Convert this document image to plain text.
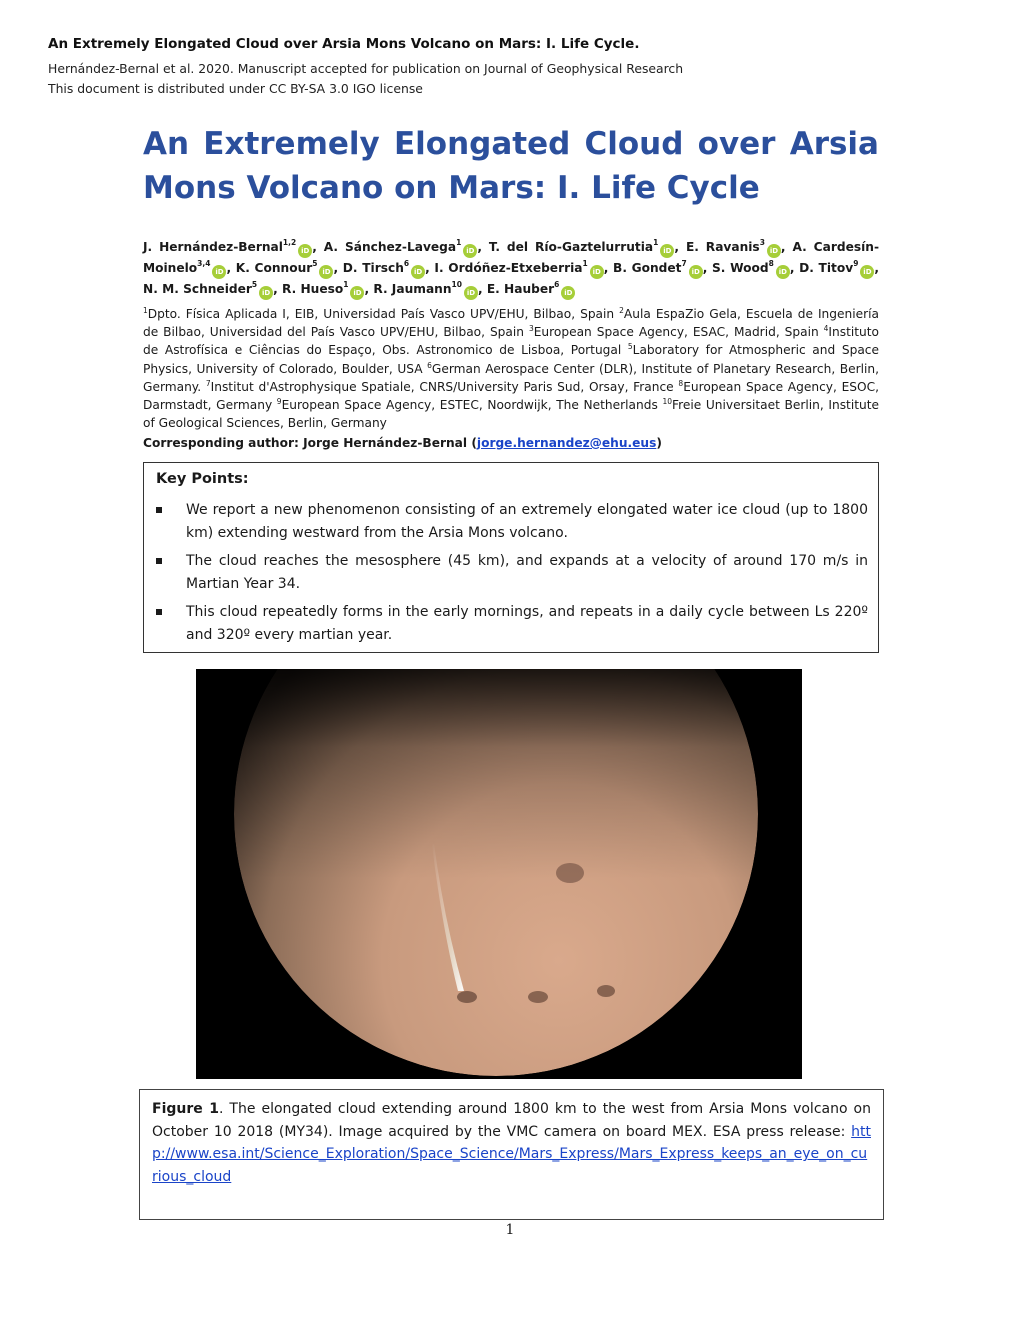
An Extremely Elongated Cloud over Arsia Mons Volcano on Mars: I. Life Cycle.
Hernández-Bernal et al. 2020. Manuscript accepted for publication on Journal of Geophysical Research
This document is distributed under CC BY-SA 3.0 IGO license
An Extremely Elongated Cloud over Arsia
Mons Volcano on Mars: I. Life Cycle
J. Hernández-Bernal$^{1,2}$iD , A. Sánchez-Lavega$^1$iD , T. del Río-Gaztelurrutia$^1$iD , E. Ravanis$^3$iD , A. Cardesín-Moinelo$^{3,4}$iD , K. Connour$^5$iD , D. Tirsch$^6$iD , I. Ordóñez-Etxeberria$^1$iD , B. Gondet$^7$iD , S. Wood$^8$iD , D. Titov$^9$iD , N. M. Schneider$^5$iD , R. Hueso$^1$iD , R. Jaumann$^{10}$iD , E. Hauber$^6$iD
$^1$Dpto. Física Aplicada I, EIB, Universidad País Vasco UPV/EHU, Bilbao, Spain $^2$Aula EspaZio Gela, Escuela de Ingeniería de Bilbao, Universidad del País Vasco UPV/EHU, Bilbao, Spain $^3$European Space Agency, ESAC, Madrid, Spain $^4$Instituto de Astrofísica e Ciências do Espaço, Obs. Astronomico de Lisboa, Portugal $^5$Laboratory for Atmospheric and Space Physics, University of Colorado, Boulder, USA $^6$German Aerospace Center (DLR), Institute of Planetary Research, Berlin, Germany. $^7$Institut d'Astrophysique Spatiale, CNRS/University Paris Sud, Orsay, France $^8$European Space Agency, ESOC, Darmstadt, Germany $^9$European Space Agency, ESTEC, Noordwijk, The Netherlands $^{10}$Freie Universitaet Berlin, Institute of Geological Sciences, Berlin, Germany
Corresponding author: Jorge Hernández-Bernal (jorge.hernandez@ehu.eus)
Key Points:
We report a new phenomenon consisting of an extremely elongated water ice cloud (up to 1800 km) extending westward from the Arsia Mons volcano.
The cloud reaches the mesosphere (45 km), and expands at a velocity of around 170 m/s in Martian Year 34.
This cloud repeatedly forms in the early mornings, and repeats in a daily cycle between Ls 220º and 320º every martian year.
Figure 1. The elongated cloud extending around 1800 km to the west from Arsia Mons volcano on October 10 2018 (MY34). Image acquired by the VMC camera on board MEX. ESA press release: http://www.esa.int/Science_Exploration/Space_Science/Mars_Express/Mars_Express_keeps_an_eye_on_curious_cloud
1
